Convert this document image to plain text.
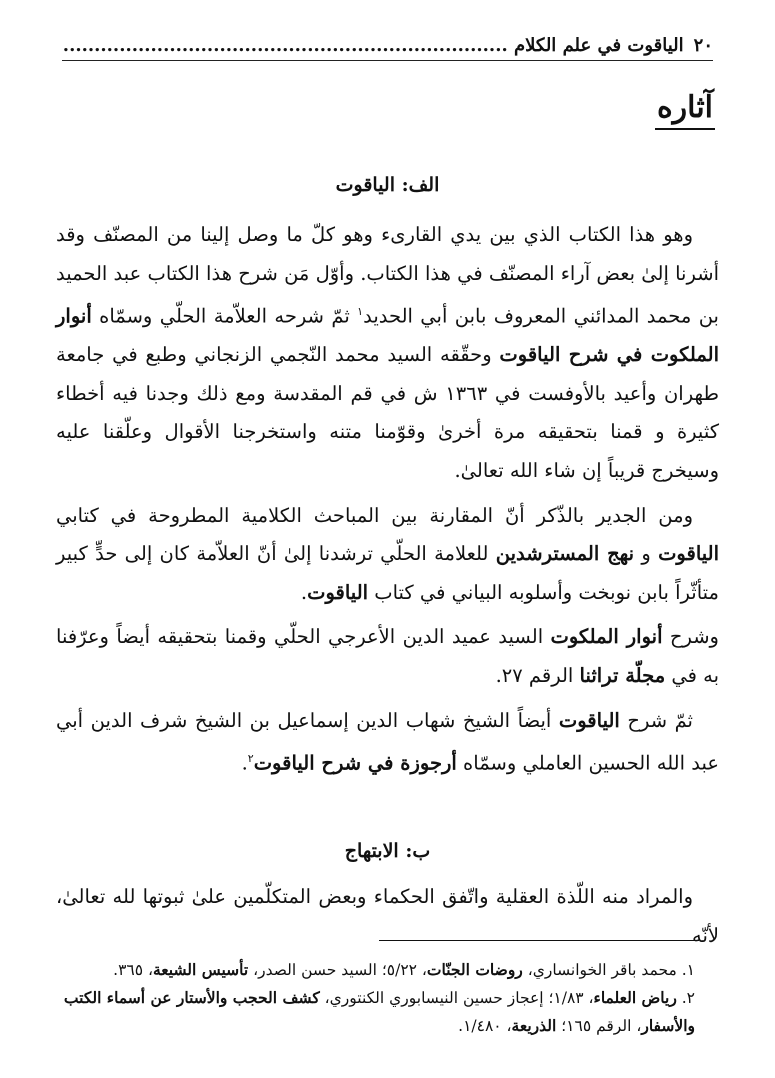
٢٠
الياقوت في علم الكلام .....
آثاره
الف: الياقوت

وهو هذا الكتاب الذي بين يدي القارىء وهو كلّ ما وصل إلينا من المصنّف وقد أشرنا إلىٰ بعض آراء المصنّف في هذا الكتاب. وأوّل مَن شرح هذا الكتاب عبد الحميد بن محمد المدائني المعروف بابن أبي الحديد$^١$ ثمّ شرحه العلاّمة الحلّي وسمّاه أنوار الملكوت في شرح الياقوت وحقّقه السيد محمد النّجمي الزنجاني وطبع في جامعة طهران وأعيد بالأوفست في ١٣٦٣ ش في قم المقدسة ومع ذلك وجدنا فيه أخطاء كثيرة و قمنا بتحقيقه مرة أخرىٰ وقوّمنا متنه واستخرجنا الأقوال وعلّقنا عليه وسيخرج قريباً إن شاء الله تعالىٰ.

ومن الجدير بالذّكر أنّ المقارنة بين المباحث الكلامية المطروحة في كتابي الياقوت و نهج المسترشدين للعلامة الحلّي ترشدنا إلىٰ أنّ العلاّمة كان إلى حدٍّ كبير متأثّراً بابن نوبخت وأسلوبه البياني في كتاب الياقوت.

وشرح أنوار الملكوت السيد عميد الدين الأعرجي الحلّي وقمنا بتحقيقه أيضاً وعرّفنا به في مجلّة تراثنا الرقم ٢٧.

ثمّ شرح الياقوت أيضاً الشيخ شهاب الدين إسماعيل بن الشيخ شرف الدين أبي عبد الله الحسين العاملي وسمّاه أرجوزة في شرح الياقوت$^٢$.

ب: الابتهاج

والمراد منه اللّذة العقلية واتّفق الحكماء وبعض المتكلّمين علىٰ ثبوتها لله تعالىٰ، لأنّه

١. محمد باقر الخوانساري، روضات الجنّات، ٥/٢٢؛ السيد حسن الصدر، تأسيس الشيعة، ٣٦٥.

٢. رياض العلماء، ١/٨٣؛ إعجاز حسين النيسابوري الكنتوري، كشف الحجب والأستار عن أسماء الكتب والأسفار، الرقم ١٦٥؛ الذريعة، ١/٤٨٠.
